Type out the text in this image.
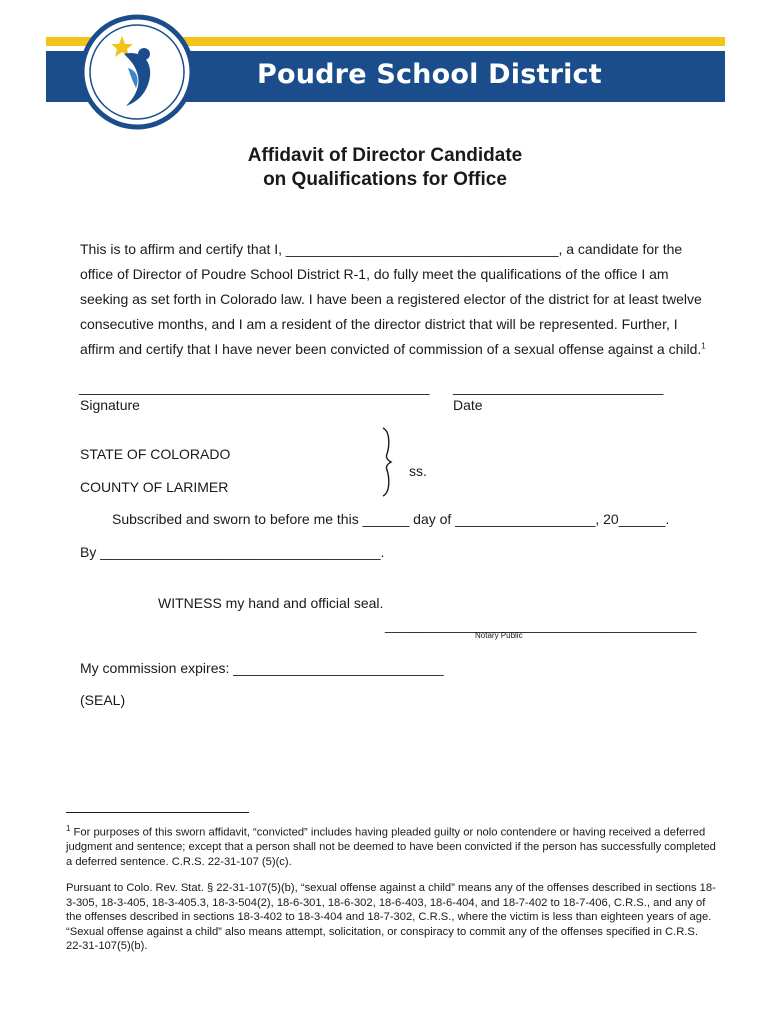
Poudre School District
Affidavit of Director Candidate
on Qualifications for Office
This is to affirm and certify that I, ___________________________________, a candidate for the
office of Director of Poudre School District R-1, do fully meet the qualifications of the office I am
seeking as set forth in Colorado law. I have been a registered elector of the district for at least twelve
consecutive months, and I am a resident of the director district that will be represented. Further, I
affirm and certify that I have never been convicted of commission of a sexual offense against a child.$^1$
_____________________________________________
Signature
___________________________
Date
STATE OF COLORADO
COUNTY OF LARIMER
ss.
Subscribed and sworn to before me this ______ day of __________________, 20______.
By ____________________________________.
WITNESS my hand and official seal.
________________________________________
Notary Public
My commission expires: ___________________________
(SEAL)
$^1$ For purposes of this sworn affidavit, “convicted” includes having pleaded guilty or nolo contendere or having received a deferred judgment and sentence; except that a person shall not be deemed to have been convicted if the person has successfully completed a deferred sentence. C.R.S. 22-31-107 (5)(c).
Pursuant to Colo. Rev. Stat. § 22-31-107(5)(b), “sexual offense against a child” means any of the offenses described in sections 18-3-305, 18-3-405, 18-3-405.3, 18-3-504(2), 18-6-301, 18-6-302, 18-6-403, 18-6-404, and 18-7-402 to 18-7-406, C.R.S., and any of the offenses described in sections 18-3-402 to 18-3-404 and 18-7-302, C.R.S., where the victim is less than eighteen years of age. “Sexual offense against a child” also means attempt, solicitation, or conspiracy to commit any of the offenses specified in C.R.S. 22-31-107(5)(b).
